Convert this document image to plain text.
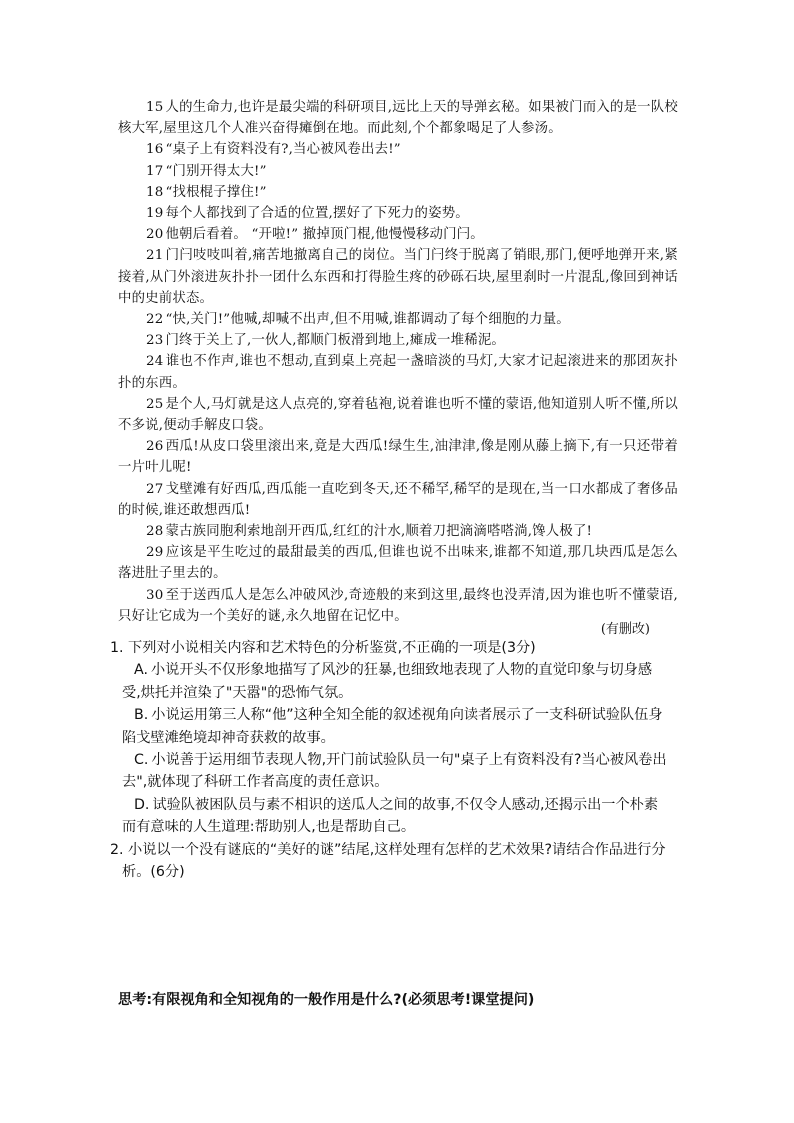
15 人的生命力,也许是最尖端的科研项目,远比上天的导弹玄秘。如果被门而入的是一队校核大军,屋里这几个人准兴奋得瘫倒在地。而此刻,个个都象喝足了人参汤。

16 “桌子上有资料没有?,当心被风卷出去!”

17 “门别开得太大!”

18 “找根棍子撑住!”

19 每个人都找到了合适的位置,摆好了下死力的姿势。

20 他朝后看着。 “开啦!” 撤掉顶门棍,他慢慢移动门闩。

21 门闩吱吱叫着,痛苦地撤离自己的岗位。当门闩终于脱离了销眼,那门,便呼地弹开来,紧接着,从门外滚进灰扑扑一团什么东西和打得脸生疼的砂砾石块,屋里刹时一片混乱,像回到神话中的史前状态。

22 “快,关门!”他喊,却喊不出声,但不用喊,谁都调动了每个细胞的力量。

23 门终于关上了,一伙人,都顺门板滑到地上,瘫成一堆稀泥。

24 谁也不作声,谁也不想动,直到桌上亮起一盏暗淡的马灯,大家才记起滚进来的那团灰扑扑的东西。

25 是个人,马灯就是这人点亮的,穿着毡袍,说着谁也听不懂的蒙语,他知道别人听不懂,所以不多说,便动手解皮口袋。

26 西瓜!从皮口袋里滚出来,竟是大西瓜!绿生生,油津津,像是刚从藤上摘下,有一只还带着一片叶儿呢!

27 戈壁滩有好西瓜,西瓜能一直吃到冬天,还不稀罕,稀罕的是现在,当一口水都成了奢侈品的时候,谁还敢想西瓜!

28 蒙古族同胞利索地剖开西瓜,红红的汁水,顺着刀把滴滴嗒嗒淌,馋人极了!

29 应该是平生吃过的最甜最美的西瓜,但谁也说不出味来,谁都不知道,那几块西瓜是怎么落进肚子里去的。

30 至于送西瓜人是怎么冲破风沙,奇迹般的来到这里,最终也没弄清,因为谁也听不懂蒙语,只好让它成为一个美好的谜,永久地留在记忆中。

(有删改)

1. 下列对小说相关内容和艺术特色的分析鉴赏,不正确的一项是(3分)

A. 小说开头不仅形象地描写了风沙的狂暴,也细致地表现了人物的直觉印象与切身感受,烘托并渲染了"天嚣"的恐怖气氛。

B. 小说运用第三人称“他”这种全知全能的叙述视角向读者展示了一支科研试验队伍身陷戈壁滩绝境却神奇获救的故事。

C. 小说善于运用细节表现人物,开门前试验队员一句"桌子上有资料没有?当心被风卷出去",就体现了科研工作者高度的责任意识。

D. 试验队被困队员与素不相识的送瓜人之间的故事,不仅令人感动,还揭示出一个朴素而有意味的人生道理:帮助别人,也是帮助自己。

2. 小说以一个没有谜底的“美好的谜”结尾,这样处理有怎样的艺术效果?请结合作品进行分析。(6分)

思考:有限视角和全知视角的一般作用是什么?(必须思考!课堂提问)
